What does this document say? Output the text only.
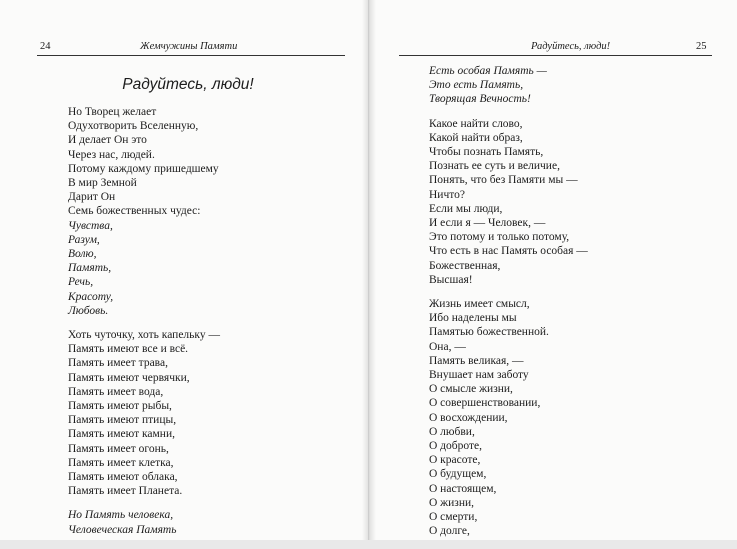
24	Жемчужины Памяти
Радуйтесь, люди!
Но Творец желает
Одухотворить Вселенную,
И делает Он это
Через нас, людей.
Потому каждому пришедшему
В мир Земной
Дарит Он
Семь божественных чудес:
Чувства,
Разум,
Волю,
Память,
Речь,
Красоту,
Любовь.
Хоть чуточку, хоть капельку —
Память имеют все и всё.
Память имеет трава,
Память имеют червячки,
Память имеет вода,
Память имеют рыбы,
Память имеют птицы,
Память имеют камни,
Память имеет огонь,
Память имеет клетка,
Память имеют облака,
Память имеет Планета.
Но Память человека,
Человеческая Память
Радуйтесь, люди!	25
Есть особая Память —
Это есть Память,
Творящая Вечность!
Какое найти слово,
Какой найти образ,
Чтобы познать Память,
Познать ее суть и величие,
Понять, что без Памяти мы —
Ничто?
Если мы люди,
И если я — Человек, —
Это потому и только потому,
Что есть в нас Память особая —
Божественная,
Высшая!
Жизнь имеет смысл,
Ибо наделены мы
Памятью божественной.
Она, —
Память великая, —
Внушает нам заботу
О смысле жизни,
О совершенствовании,
О восхождении,
О любви,
О доброте,
О красоте,
О будущем,
О настоящем,
О жизни,
О смерти,
О долге,
